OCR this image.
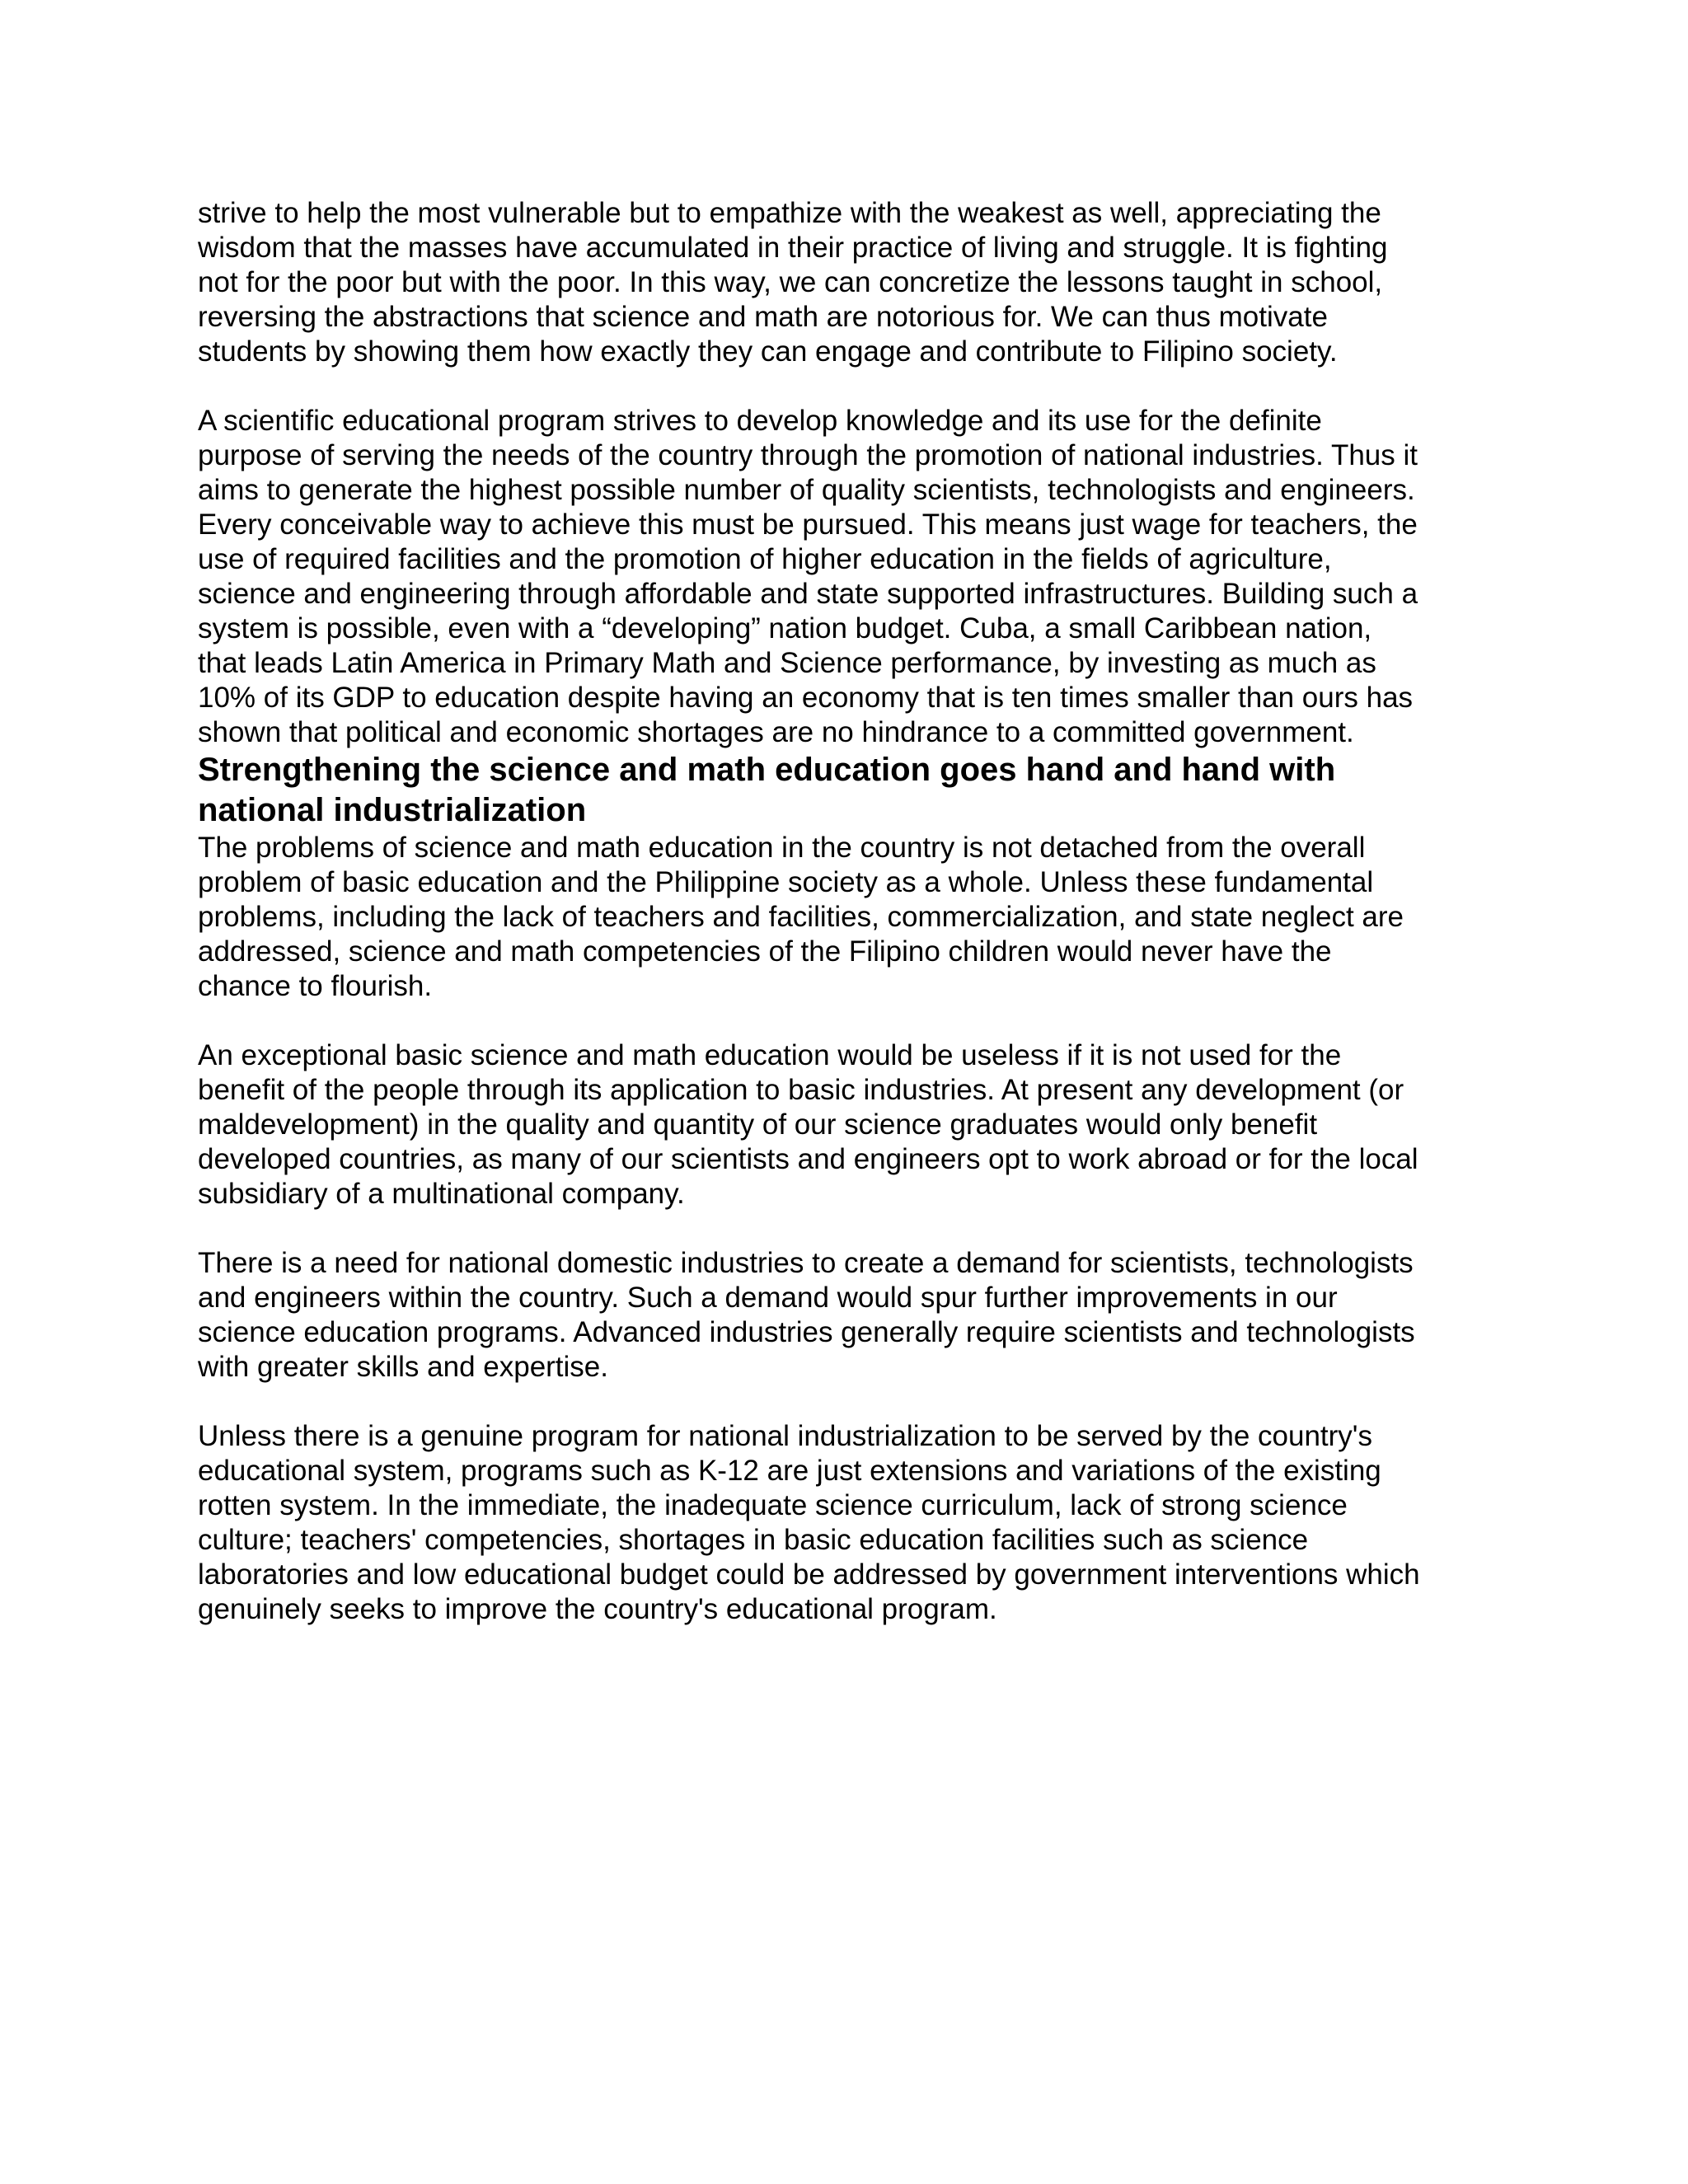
strive to help the most vulnerable but to empathize with the weakest as well, appreciating the
wisdom that the masses have accumulated in their practice of living and struggle. It is fighting
not for the poor but with the poor. In this way, we can concretize the lessons taught in school,
reversing the abstractions that science and math are notorious for. We can thus motivate
students by showing them how exactly they can engage and contribute to Filipino society.

A scientific educational program strives to develop knowledge and its use for the definite
purpose of serving the needs of the country through the promotion of national industries. Thus it
aims to generate the highest possible number of quality scientists, technologists and engineers.
Every conceivable way to achieve this must be pursued. This means just wage for teachers, the
use of required facilities and the promotion of higher education in the fields of agriculture,
science and engineering through affordable and state supported infrastructures. Building such a
system is possible, even with a “developing” nation budget. Cuba, a small Caribbean nation,
that leads Latin America in Primary Math and Science performance, by investing as much as
10% of its GDP to education despite having an economy that is ten times smaller than ours has
shown that political and economic shortages are no hindrance to a committed government.

Strengthening the science and math education goes hand and hand with
national industrialization

The problems of science and math education in the country is not detached from the overall
problem of basic education and the Philippine society as a whole. Unless these fundamental
problems, including the lack of teachers and facilities, commercialization, and state neglect are
addressed, science and math competencies of the Filipino children would never have the
chance to flourish.

An exceptional basic science and math education would be useless if it is not used for the
benefit of the people through its application to basic industries. At present any development (or
maldevelopment) in the quality and quantity of our science graduates would only benefit
developed countries, as many of our scientists and engineers opt to work abroad or for the local
subsidiary of a multinational company.

There is a need for national domestic industries to create a demand for scientists, technologists
and engineers within the country. Such a demand would spur further improvements in our
science education programs. Advanced industries generally require scientists and technologists
with greater skills and expertise.

Unless there is a genuine program for national industrialization to be served by the country's
educational system, programs such as K-12 are just extensions and variations of the existing
rotten system. In the immediate, the inadequate science curriculum, lack of strong science
culture; teachers' competencies, shortages in basic education facilities such as science
laboratories and low educational budget could be addressed by government interventions which
genuinely seeks to improve the country's educational program.
